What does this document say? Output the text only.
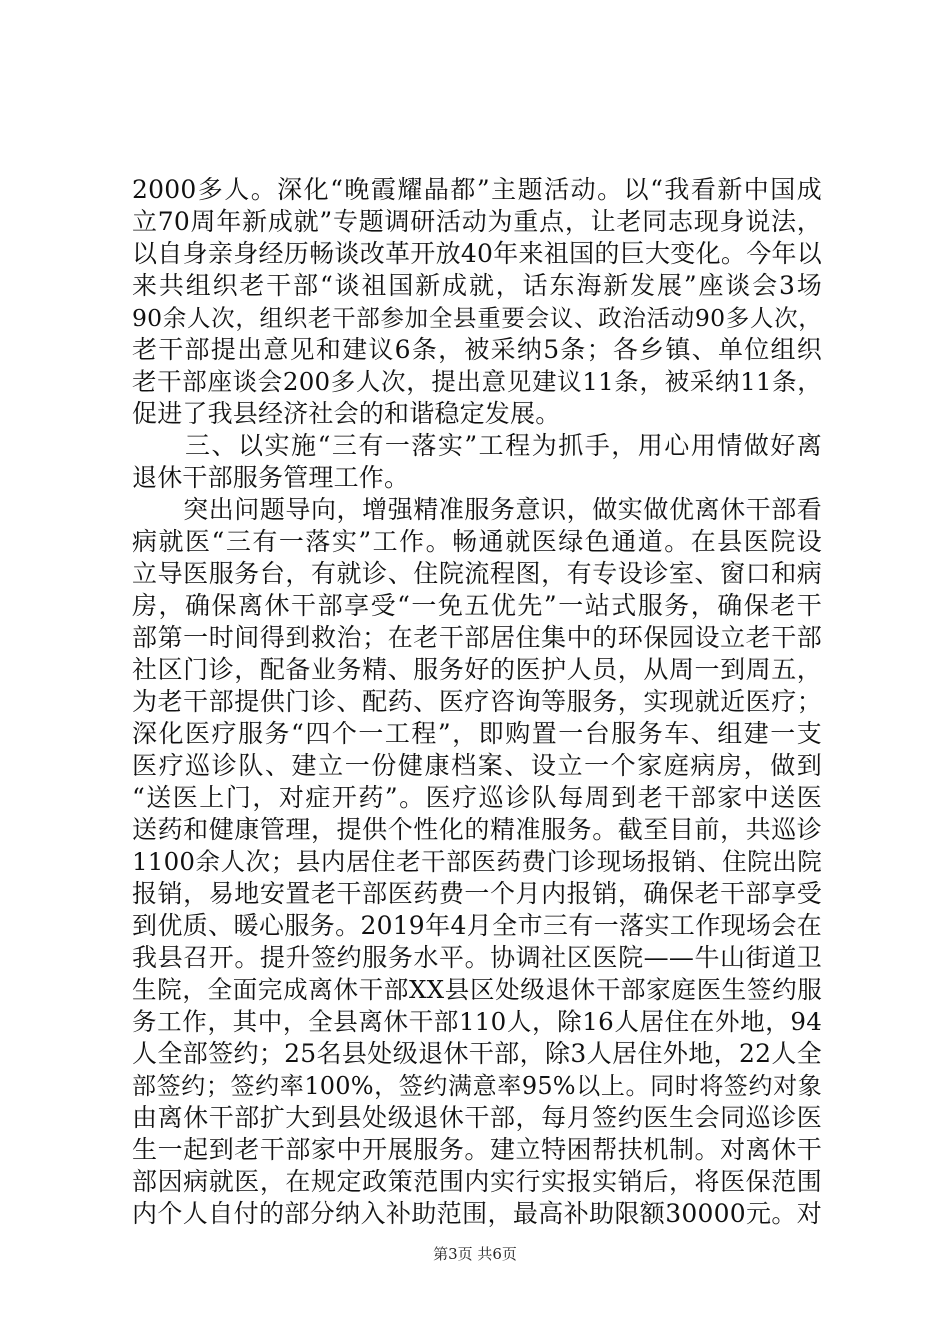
2000多人。深化“晚霞耀晶都”主题活动。以“我看新中国成
立70周年新成就”专题调研活动为重点，让老同志现身说法，
以自身亲身经历畅谈改革开放40年来祖国的巨大变化。今年以
来共组织老干部“谈祖国新成就，话东海新发展”座谈会3场
90余人次，组织老干部参加全县重要会议、政治活动90多人次，
老干部提出意见和建议6条，被采纳5条；各乡镇、单位组织
老干部座谈会200多人次，提出意见建议11条，被采纳11条，
促进了我县经济社会的和谐稳定发展。
　　三、以实施“三有一落实”工程为抓手，用心用情做好离
退休干部服务管理工作。
　　突出问题导向，增强精准服务意识，做实做优离休干部看
病就医“三有一落实”工作。畅通就医绿色通道。在县医院设
立导医服务台，有就诊、住院流程图，有专设诊室、窗口和病
房，确保离休干部享受“一免五优先”一站式服务，确保老干
部第一时间得到救治；在老干部居住集中的环保园设立老干部
社区门诊，配备业务精、服务好的医护人员，从周一到周五，
为老干部提供门诊、配药、医疗咨询等服务，实现就近医疗；
深化医疗服务“四个一工程”，即购置一台服务车、组建一支
医疗巡诊队、建立一份健康档案、设立一个家庭病房，做到
“送医上门，对症开药”。医疗巡诊队每周到老干部家中送医
送药和健康管理，提供个性化的精准服务。截至目前，共巡诊
1100余人次；县内居住老干部医药费门诊现场报销、住院出院
报销，易地安置老干部医药费一个月内报销，确保老干部享受
到优质、暖心服务。2019年4月全市三有一落实工作现场会在
我县召开。提升签约服务水平。协调社区医院——牛山街道卫
生院，全面完成离休干部XX县区处级退休干部家庭医生签约服
务工作，其中，全县离休干部110人，除16人居住在外地，94
人全部签约；25名县处级退休干部，除3人居住外地，22人全
部签约；签约率100%，签约满意率95%以上。同时将签约对象
由离休干部扩大到县处级退休干部，每月签约医生会同巡诊医
生一起到老干部家中开展服务。建立特困帮扶机制。对离休干
部因病就医，在规定政策范围内实行实报实销后，将医保范围
内个人自付的部分纳入补助范围，最高补助限额30000元。对
第3页 共6页
